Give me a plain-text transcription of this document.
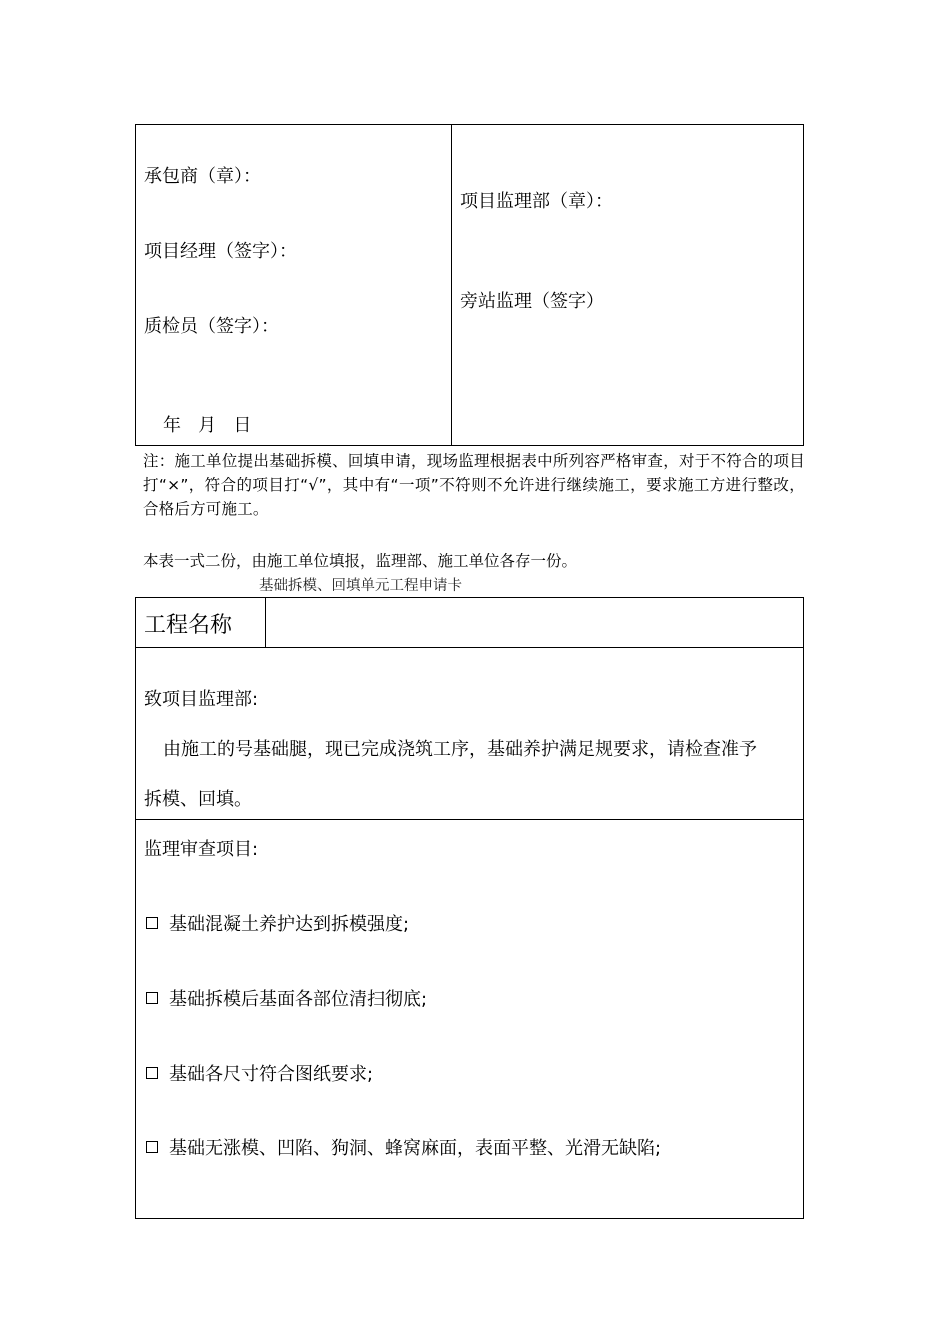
承包商（章）：
项目经理（签字）：
质检员（签字）：
年   月   日
项目监理部（章）：
旁站监理（签字）
注：施工单位提出基础拆模、回填申请，现场监理根据表中所列容严格审查，对于不符合的项目打“×”，符合的项目打“√”，其中有“一项”不符则不允许进行继续施工，要求施工方进行整改，合格后方可施工。
本表一式二份，由施工单位填报，监理部、施工单位各存一份。
基础拆模、回填单元工程申请卡
工程名称
致项目监理部:
由施工的号基础腿，现已完成浇筑工序，基础养护满足规要求，请检查准予
拆模、回填。
监理审查项目:
基础混凝土养护达到拆模强度;
基础拆模后基面各部位清扫彻底;
基础各尺寸符合图纸要求;
基础无涨模、凹陷、狗洞、蜂窝麻面，表面平整、光滑无缺陷;
